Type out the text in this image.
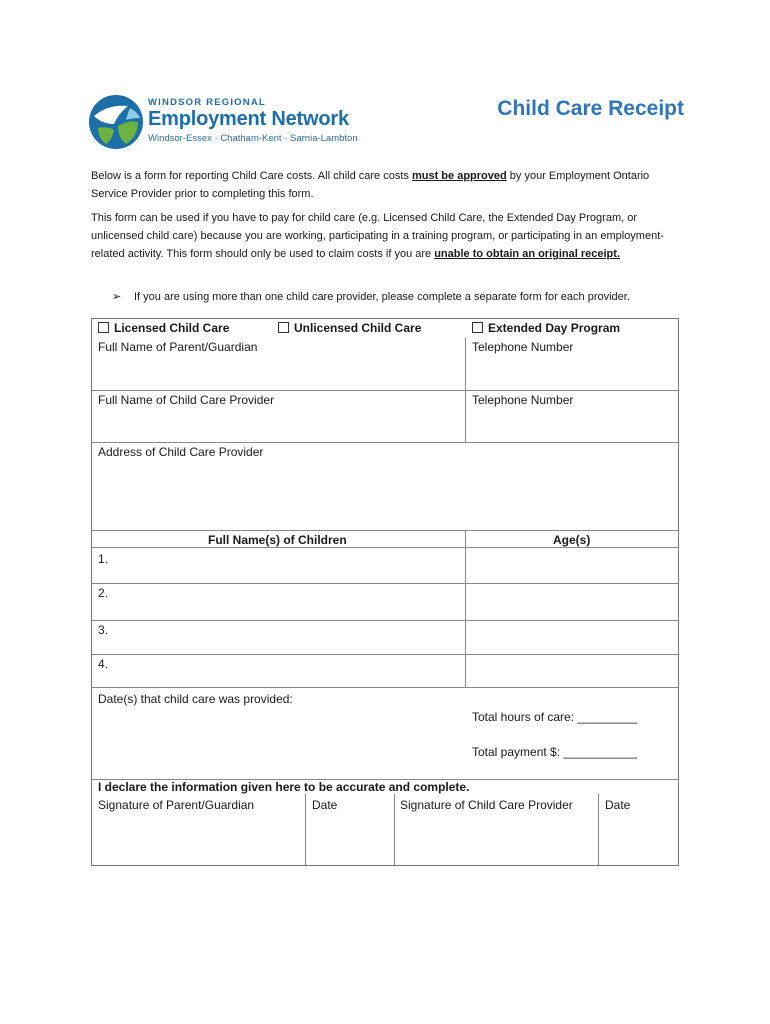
WINDSOR REGIONAL
Employment Network
Windsor-Essex · Chatham-Kent · Sarnia-Lambton
Child Care Receipt
Below is a form for reporting Child Care costs. All child care costs must be approved by your Employment Ontario Service Provider prior to completing this form.
This form can be used if you have to pay for child care (e.g. Licensed Child Care, the Extended Day Program, or unlicensed child care) because you are working, participating in a training program, or participating in an employment-related activity. This form should only be used to claim costs if you are unable to obtain an original receipt.
➢ If you are using more than one child care provider, please complete a separate form for each provider.
Licensed Child Care	Unlicensed Child Care	Extended Day Program
Full Name of Parent/Guardian	Telephone Number
Full Name of Child Care Provider	Telephone Number
Address of Child Care Provider
Full Name(s) of Children	Age(s)
1.
2.
3.
4.
Date(s) that child care was provided:
Total hours of care: _________
Total payment $: ___________
I declare the information given here to be accurate and complete.
Signature of Parent/Guardian	Date	Signature of Child Care Provider	Date
